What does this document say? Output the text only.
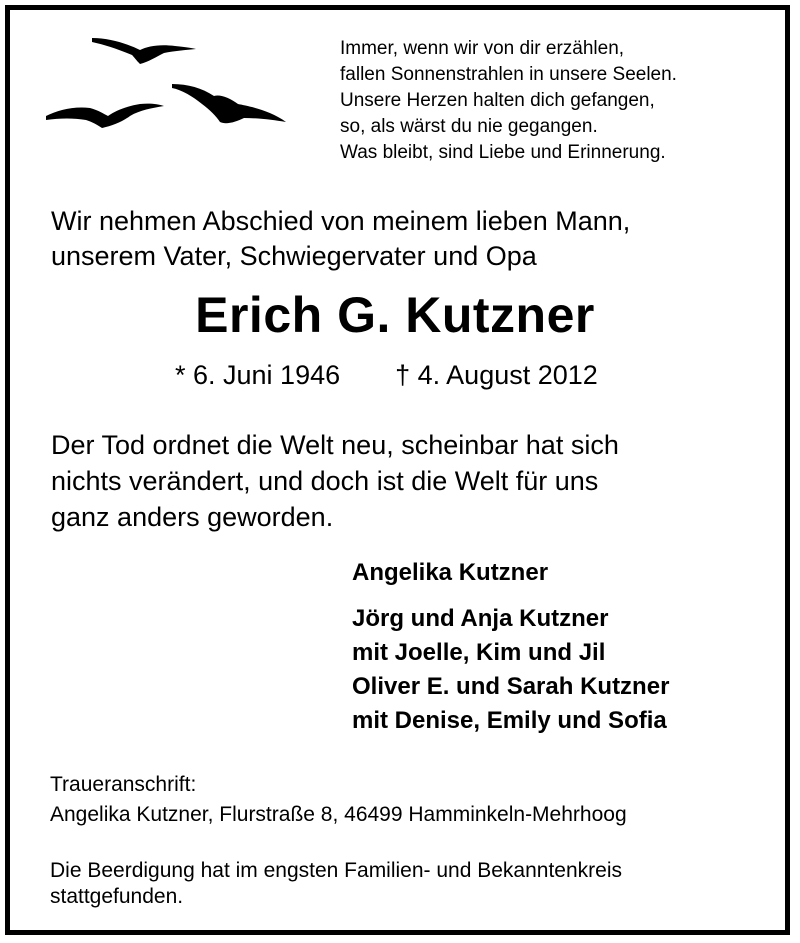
Immer, wenn wir von dir erzählen,
fallen Sonnenstrahlen in unsere Seelen.
Unsere Herzen halten dich gefangen,
so, als wärst du nie gegangen.
Was bleibt, sind Liebe und Erinnerung.
Wir nehmen Abschied von meinem lieben Mann,
unserem Vater, Schwiegervater und Opa
Erich G. Kutzner
* 6. Juni 1946 † 4. August 2012
Der Tod ordnet die Welt neu, scheinbar hat sich
nichts verändert, und doch ist die Welt für uns
ganz anders geworden.
Angelika Kutzner
Jörg und Anja Kutzner
mit Joelle, Kim und Jil
Oliver E. und Sarah Kutzner
mit Denise, Emily und Sofia
Traueranschrift:
Angelika Kutzner, Flurstraße 8, 46499 Hamminkeln-Mehrhoog
Die Beerdigung hat im engsten Familien- und Bekanntenkreis
stattgefunden.
